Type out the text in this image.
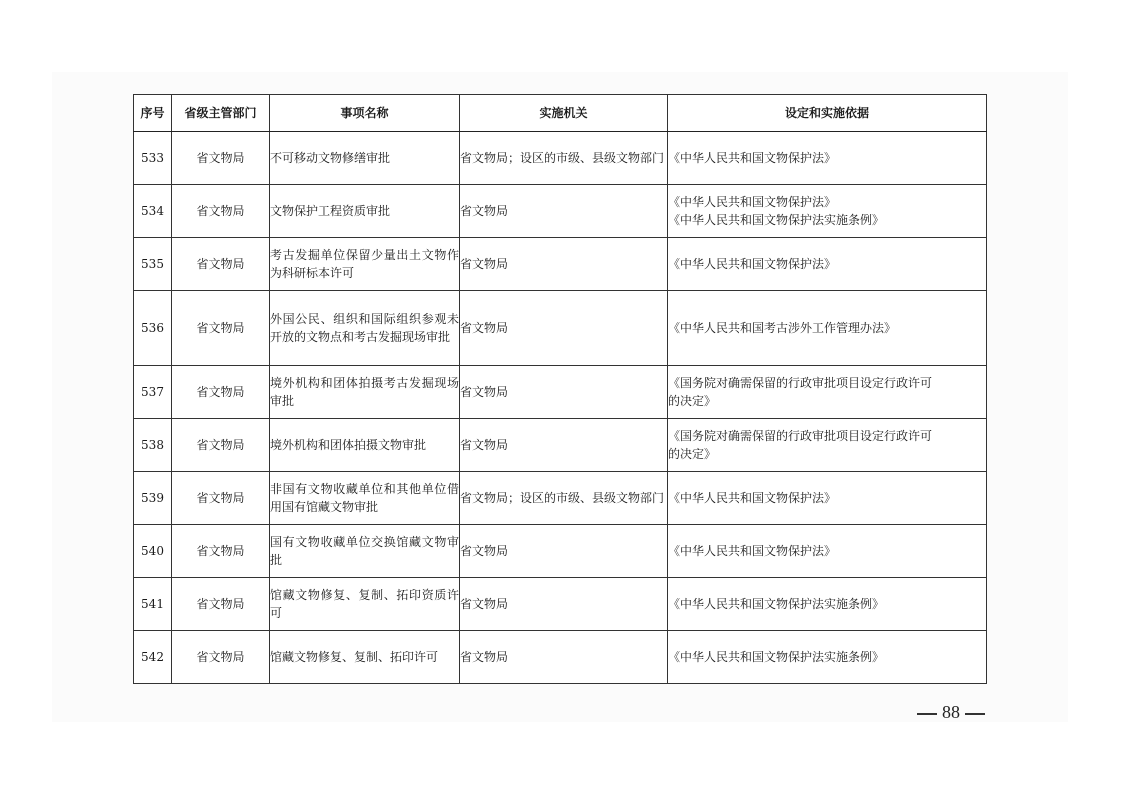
序号	省级主管部门	事项名称	实施机关	设定和实施依据
533	省文物局	不可移动文物修缮审批	省文物局；设区的市级、县级文物部门	《中华人民共和国文物保护法》

534	省文物局	文物保护工程资质审批	省文物局	《中华人民共和国文物保护法》
《中华人民共和国文物保护法实施条例》

535	省文物局	考古发掘单位保留少量出土文物作为科研标本许可	省文物局	《中华人民共和国文物保护法》

536	省文物局	外国公民、组织和国际组织参观未开放的文物点和考古发掘现场审批	省文物局	《中华人民共和国考古涉外工作管理办法》

537	省文物局	境外机构和团体拍摄考古发掘现场审批	省文物局	《国务院对确需保留的行政审批项目设定行政许可
的决定》

538	省文物局	境外机构和团体拍摄文物审批	省文物局	《国务院对确需保留的行政审批项目设定行政许可
的决定》

539	省文物局	非国有文物收藏单位和其他单位借用国有馆藏文物审批	省文物局；设区的市级、县级文物部门	《中华人民共和国文物保护法》

540	省文物局	国有文物收藏单位交换馆藏文物审批	省文物局	《中华人民共和国文物保护法》

541	省文物局	馆藏文物修复、复制、拓印资质许可	省文物局	《中华人民共和国文物保护法实施条例》

542	省文物局	馆藏文物修复、复制、拓印许可	省文物局	《中华人民共和国文物保护法实施条例》
88
